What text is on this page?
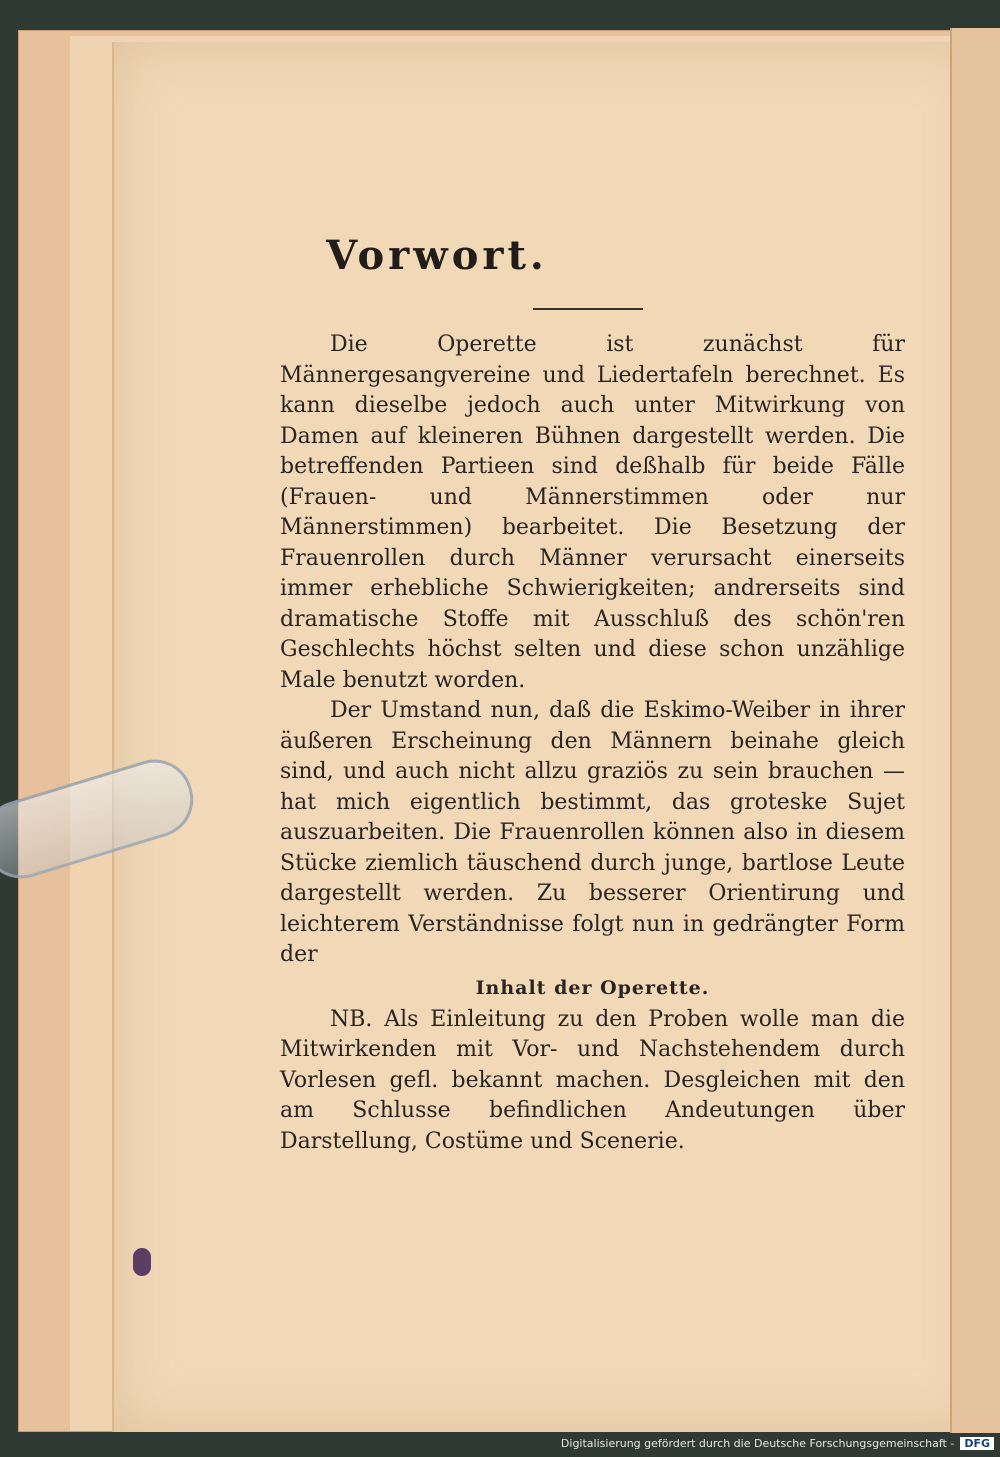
Vorwort.

Die Operette ist zunächst für Männergesangvereine und Liedertafeln berechnet. Es kann dieselbe jedoch auch unter Mitwirkung von Damen auf kleineren Bühnen dargestellt werden. Die betreffenden Partieen sind deßhalb für beide Fälle (Frauen- und Männerstimmen oder nur Männerstimmen) bearbeitet. Die Besetzung der Frauenrollen durch Männer verursacht einerseits immer erhebliche Schwierigkeiten; andrerseits sind dramatische Stoffe mit Ausschluß des schön'ren Geschlechts höchst selten und diese schon unzählige Male benutzt worden.

Der Umstand nun, daß die Eskimo-Weiber in ihrer äußeren Erscheinung den Männern beinahe gleich sind, und auch nicht allzu graziös zu sein brauchen — hat mich eigentlich bestimmt, das groteske Sujet auszuarbeiten. Die Frauenrollen können also in diesem Stücke ziemlich täuschend durch junge, bartlose Leute dargestellt werden. Zu besserer Orientirung und leichterem Verständnisse folgt nun in gedrängter Form der

Inhalt der Operette.

NB. Als Einleitung zu den Proben wolle man die Mitwirkenden mit Vor- und Nachstehendem durch Vorlesen gefl. bekannt machen. Desgleichen mit den am Schlusse befindlichen Andeutungen über Darstellung, Costüme und Scenerie.

Digitalisierung gefördert durch die Deutsche Forschungsgemeinschaft - DFG
